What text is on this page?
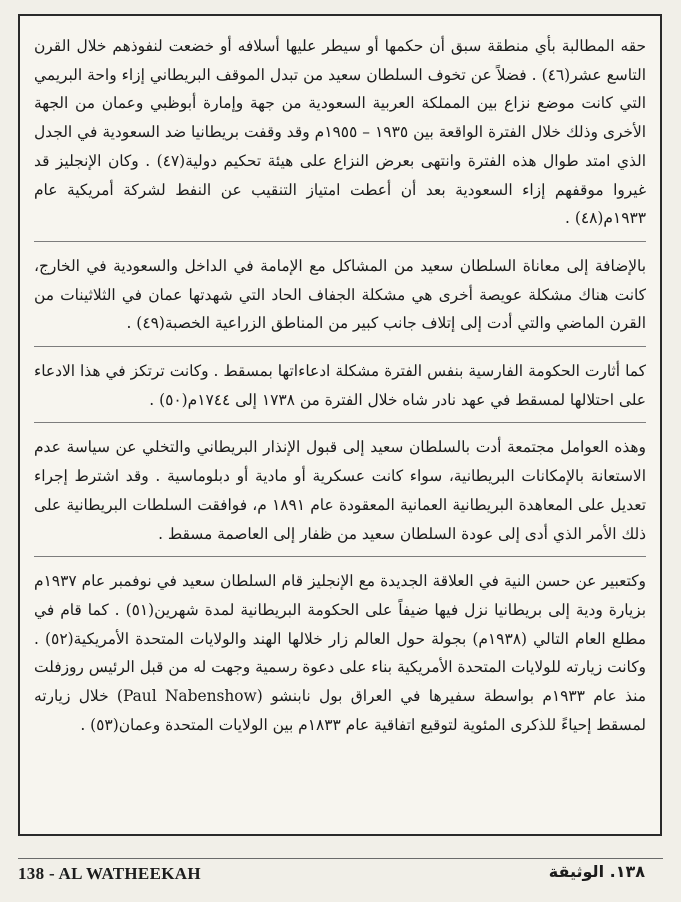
حقه المطالبة بأي منطقة سبق أن حكمها أو سيطر عليها أسلافه أو خضعت لنفوذهم خلال القرن التاسع عشر(٤٦) . فضلاً عن تخوف السلطان سعيد من تبدل الموقف البريطاني إزاء واحة البريمي التي كانت موضع نزاع بين المملكة العربية السعودية من جهة وإمارة أبوظبي وعمان من الجهة الأخرى وذلك خلال الفترة الواقعة بين ١٩٣٥ – ١٩٥٥م وقد وقفت بريطانيا ضد السعودية في الجدل الذي امتد طوال هذه الفترة وانتهى بعرض النزاع على هيئة تحكيم دولية(٤٧) . وكان الإنجليز قد غيروا موقفهم إزاء السعودية بعد أن أعطت امتياز التنقيب عن النفط لشركة أمريكية عام ١٩٣٣م(٤٨) .

بالإضافة إلى معاناة السلطان سعيد من المشاكل مع الإمامة في الداخل والسعودية في الخارج، كانت هناك مشكلة عويصة أخرى هي مشكلة الجفاف الحاد التي شهدتها عمان في الثلاثينات من القرن الماضي والتي أدت إلى إتلاف جانب كبير من المناطق الزراعية الخصبة(٤٩) .

كما أثارت الحكومة الفارسية بنفس الفترة مشكلة ادعاءاتها بمسقط . وكانت ترتكز في هذا الادعاء على احتلالها لمسقط في عهد نادر شاه خلال الفترة من ١٧٣٨ إلى ١٧٤٤م(٥٠) .

وهذه العوامل مجتمعة أدت بالسلطان سعيد إلى قبول الإنذار البريطاني والتخلي عن سياسة عدم الاستعانة بالإمكانات البريطانية، سواء كانت عسكرية أو مادية أو دبلوماسية . وقد اشترط إجراء تعديل على المعاهدة البريطانية العمانية المعقودة عام ١٨٩١ م، فوافقت السلطات البريطانية على ذلك الأمر الذي أدى إلى عودة السلطان سعيد من ظفار إلى العاصمة مسقط .

وكتعبير عن حسن النية في العلاقة الجديدة مع الإنجليز قام السلطان سعيد في نوفمبر عام ١٩٣٧م بزيارة ودية إلى بريطانيا نزل فيها ضيفاً على الحكومة البريطانية لمدة شهرين(٥١) . كما قام في مطلع العام التالي (١٩٣٨م) بجولة حول العالم زار خلالها الهند والولايات المتحدة الأمريكية(٥٢) . وكانت زيارته للولايات المتحدة الأمريكية بناء على دعوة رسمية وجهت له من قبل الرئيس روزفلت منذ عام ١٩٣٣م بواسطة سفيرها في العراق بول نابنشو (Paul Nabenshow) خلال زيارته لمسقط إحياءً للذكرى المئوية لتوقيع اتفاقية عام ١٨٣٣م بين الولايات المتحدة وعمان(٥٣) .

138 - AL WATHEEKAH	١٣٨. الوثيقة
